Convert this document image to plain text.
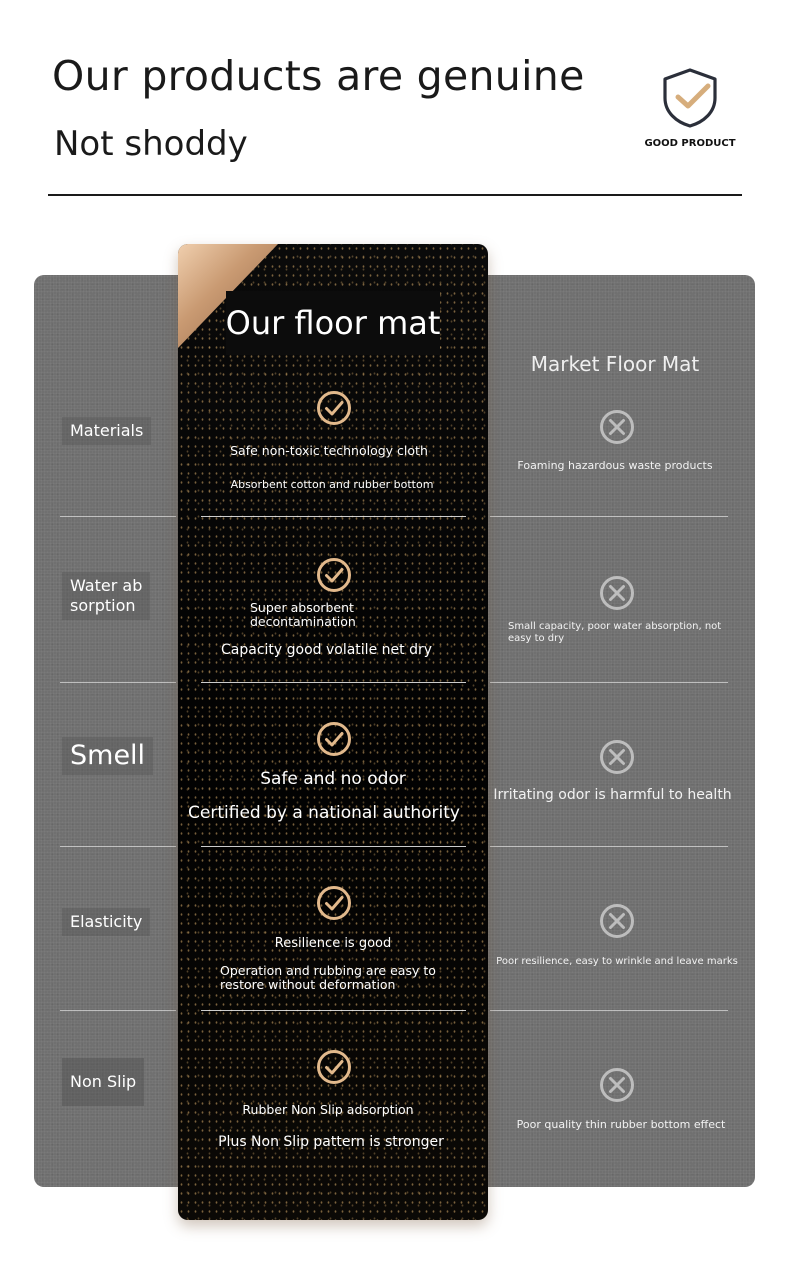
Our products are genuine
Not shoddy	GOOD PRODUCT
Materials
Water ab
sorption
Smell
Elasticity
Non Slip
Market Floor Mat
Foaming hazardous waste products
Small capacity, poor water absorption, not easy to dry
Irritating odor is harmful to health
Poor resilience, easy to wrinkle and leave marks
Poor quality thin rubber bottom effect
Our floor mat
Safe non-toxic technology cloth
Absorbent cotton and rubber bottom
Super absorbent
decontamination
Capacity good volatile net dry
Safe and no odor
Certified by a national authority
Resilience is good
Operation and rubbing are easy to
restore without deformation
Rubber Non Slip adsorption
Plus Non Slip pattern is stronger
